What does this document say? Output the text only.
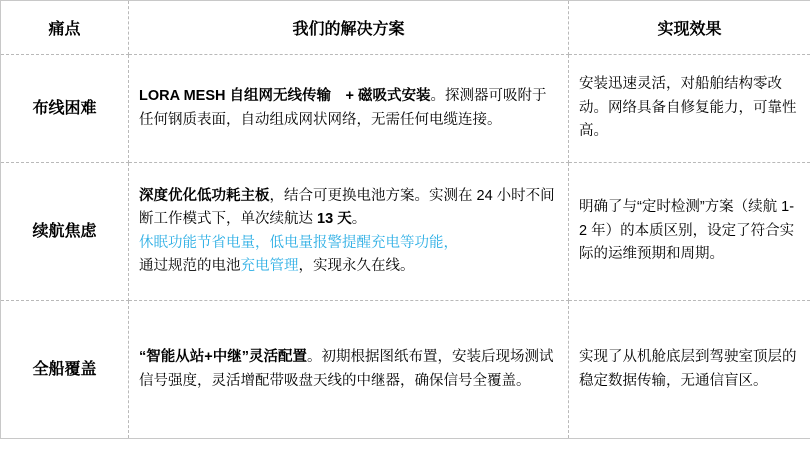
痛点	我们的解决方案	实现效果
布线困难	LORA MESH 自组网无线传输　+ 磁吸式安装。探测器可吸附于任何钢质表面，自动组成网状网络，无需任何电缆连接。	安装迅速灵活，对船舶结构零改动。网络具备自修复能力，可靠性高。
续航焦虑	深度优化低功耗主板，结合可更换电池方案。实测在 24 小时不间断工作模式下，单次续航达 13 天。
休眠功能节省电量，低电量报警提醒充电等功能，
通过规范的电池充电管理，实现永久在线。	明确了与“定时检测”方案（续航 1-2 年）的本质区别，设定了符合实际的运维预期和周期。
全船覆盖	“智能从站+中继”灵活配置。初期根据图纸布置，安装后现场测试信号强度，灵活增配带吸盘天线的中继器，确保信号全覆盖。	实现了从机舱底层到驾驶室顶层的稳定数据传输，无通信盲区。
